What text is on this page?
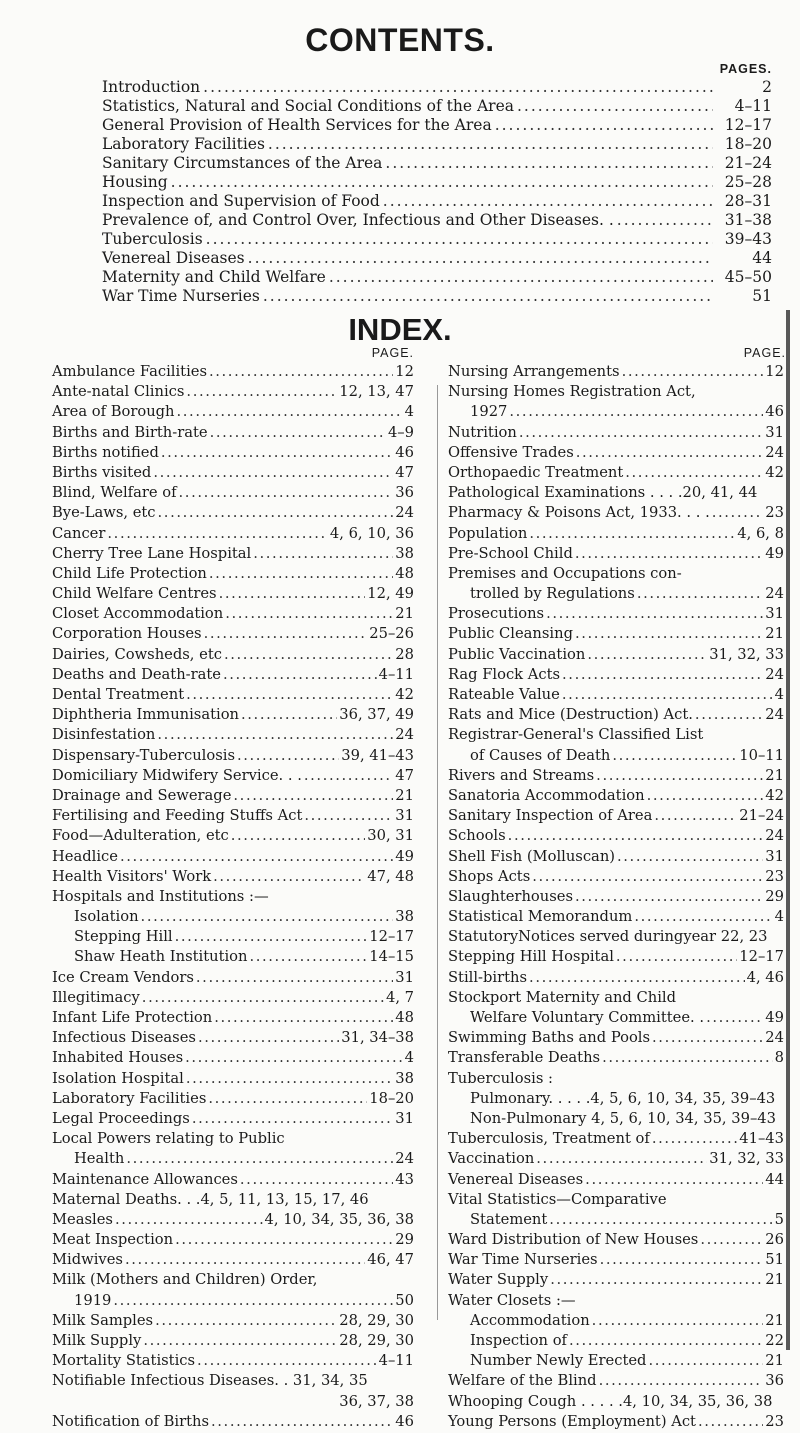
CONTENTS.
PAGES.
Introduction .....	2
Statistics, Natural and Social Conditions of the Area .....	4–11
General Provision of Health Services for the Area .....	12–17
Laboratory Facilities .....	18–20
Sanitary Circumstances of the Area .....	21–24
Housing .....	25–28
Inspection and Supervision of Food .....	28–31
Prevalence of, and Control Over, Infectious and Other Diseases. . .....	31–38
Tuberculosis .....	39–43
Venereal Diseases .....	44
Maternity and Child Welfare .....	45–50
War Time Nurseries .....	51
INDEX.
PAGE.
Ambulance Facilities .....	12
Ante-natal Clinics .....	12, 13, 47
Area of Borough .....	4
Births and Birth-rate .....	4–9
Births notified .....	46
Births visited .....	47
Blind, Welfare of .....	36
Bye-Laws, etc .....	24
Cancer .....	4, 6, 10, 36
Cherry Tree Lane Hospital .....	38
Child Life Protection .....	48
Child Welfare Centres .....	12, 49
Closet Accommodation .....	21
Corporation Houses .....	25–26
Dairies, Cowsheds, etc .....	28
Deaths and Death-rate .....	4–11
Dental Treatment .....	42
Diphtheria Immunisation .....	36, 37, 49
Disinfestation .....	24
Dispensary-Tuberculosis .....	39, 41–43
Domiciliary Midwifery Service. . . .....	47
Drainage and Sewerage .....	21
Fertilising and Feeding Stuffs Act .....	31
Food—Adulteration, etc .....	30, 31
Headlice .....	49
Health Visitors' Work .....	47, 48
Hospitals and Institutions :—
Isolation .....	38
Stepping Hill .....	12–17
Shaw Heath Institution .....	14–15
Ice Cream Vendors .....	31
Illegitimacy .....	4, 7
Infant Life Protection .....	48
Infectious Diseases .....	31, 34–38
Inhabited Houses .....	4
Isolation Hospital .....	38
Laboratory Facilities .....	18–20
Legal Proceedings .....	31
Local Powers relating to Public
Health .....	24
Maintenance Allowances .....	43
Maternal Deaths. . .4, 5, 11, 13, 15, 17, 46
Measles .....	4, 10, 34, 35, 36, 38
Meat Inspection .....	29
Midwives .....	46, 47
Milk (Mothers and Children) Order,
1919 .....	50
Milk Samples .....	28, 29, 30
Milk Supply .....	28, 29, 30
Mortality Statistics .....	4–11
Notifiable Infectious Diseases. . 31, 34, 35
36, 37, 38
Notification of Births .....	46
PAGE.
Nursing Arrangements .....	12
Nursing Homes Registration Act,
1927 .....	46
Nutrition .....	31
Offensive Trades .....	24
Orthopaedic Treatment .....	42
Pathological Examinations . . . .20, 41, 44
Pharmacy & Poisons Act, 1933. . . . .....	23
Population .....	4, 6, 8
Pre-School Child .....	49
Premises and Occupations con-
trolled by Regulations .....	24
Prosecutions .....	31
Public Cleansing .....	21
Public Vaccination .....	31, 32, 33
Rag Flock Acts .....	24
Rateable Value .....	4
Rats and Mice (Destruction) Act. .....	24
Registrar-General's Classified List
of Causes of Death .....	10–11
Rivers and Streams .....	21
Sanatoria Accommodation .....	42
Sanitary Inspection of Area .....	21–24
Schools .....	24
Shell Fish (Molluscan) .....	31
Shops Acts .....	23
Slaughterhouses .....	29
Statistical Memorandum .....	4
StatutoryNotices served duringyear 22, 23
Stepping Hill Hospital .....	12–17
Still-births .....	4, 46
Stockport Maternity and Child
Welfare Voluntary Committee. . .....	49
Swimming Baths and Pools .....	24
Transferable Deaths .....	8
Tuberculosis :
Pulmonary. . . . .4, 5, 6, 10, 34, 35, 39–43
Non-Pulmonary 4, 5, 6, 10, 34, 35, 39–43
Tuberculosis, Treatment of .....	41–43
Vaccination .....	31, 32, 33
Venereal Diseases .....	44
Vital Statistics—Comparative
Statement .....	5
Ward Distribution of New Houses .....	26
War Time Nurseries .....	51
Water Supply .....	21
Water Closets :—
Accommodation .....	21
Inspection of .....	22
Number Newly Erected .....	21
Welfare of the Blind .....	36
Whooping Cough . . . . .4, 10, 34, 35, 36, 38
Young Persons (Employment) Act .....	23
